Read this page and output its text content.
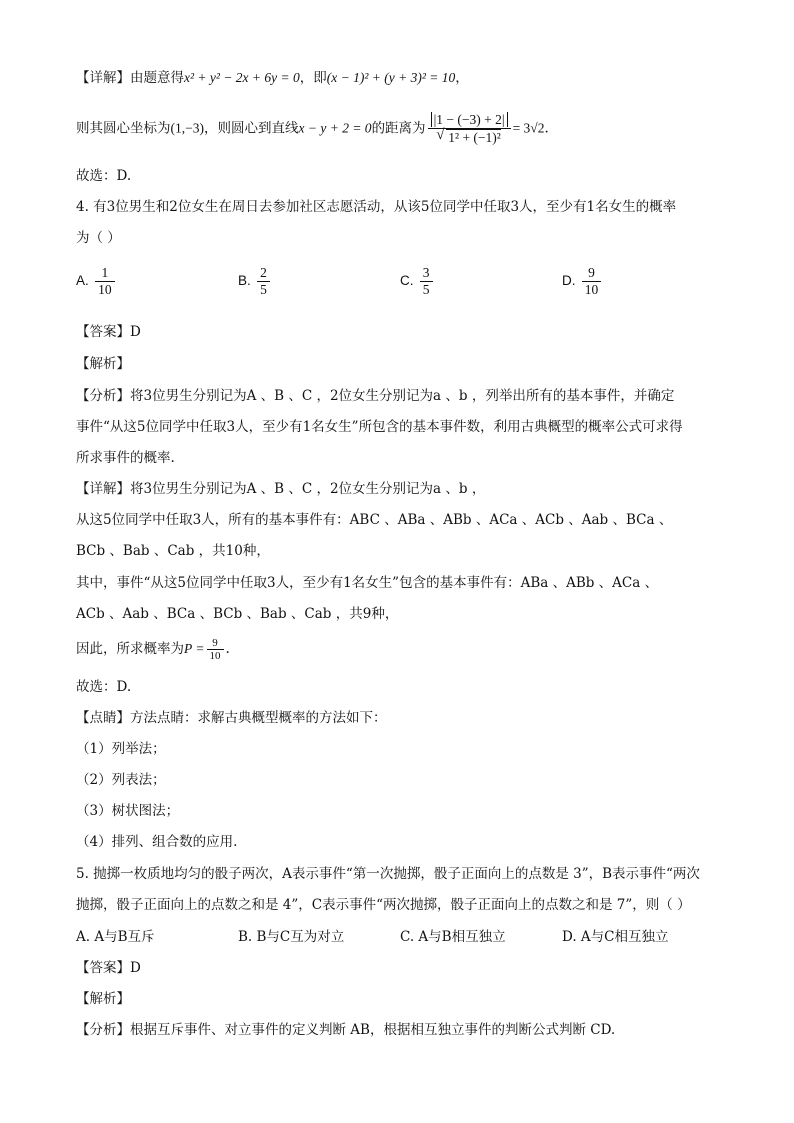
【详解】由题意得x² + y² − 2x + 6y = 0，即(x − 1)² + (y + 3)² = 10，
则其圆心坐标为(1,−3)，则圆心到直线x − y + 2 = 0的距离为 |1 − (−3) + 2|
√ 1² + (−1)² = 3√2.
故选：D.
4. 有3位男生和2位女生在周日去参加社区志愿活动，从该5位同学中任取3人，至少有1名女生的概率
为（ ）
A. $\frac{1}{10}$	B. $\frac{2}{5}$	C. $\frac{3}{5}$	D. $\frac{9}{10}$
【答案】D
【解析】
【分析】将3位男生分别记为A 、B 、C ，2位女生分别记为a 、b ，列举出所有的基本事件，并确定
事件“从这5位同学中任取3人，至少有1名女生”所包含的基本事件数，利用古典概型的概率公式可求得
所求事件的概率.
【详解】将3位男生分别记为A 、B 、C ，2位女生分别记为a 、b ，
从这5位同学中任取3人，所有的基本事件有：ABC 、ABa 、ABb 、ACa 、ACb 、Aab 、BCa 、
BCb 、Bab 、Cab ，共10种，
其中，事件“从这5位同学中任取3人，至少有1名女生”包含的基本事件有：ABa 、ABb 、ACa 、
ACb 、Aab 、BCa 、BCb 、Bab 、Cab ，共9种，
因此，所求概率为$P = \frac{9}{10}$ .
故选：D.
【点睛】方法点睛：求解古典概型概率的方法如下：
（1）列举法；
（2）列表法；
（3）树状图法；
（4）排列、组合数的应用.
5. 抛掷一枚质地均匀的骰子两次，A表示事件“第一次抛掷，骰子正面向上的点数是 3”，B表示事件“两次
抛掷，骰子正面向上的点数之和是 4”，C表示事件“两次抛掷，骰子正面向上的点数之和是 7”，则（ ）
A. A与B互斥	B. B与C互为对立	C. A与B相互独立	D. A与C相互独立
【答案】D
【解析】
【分析】根据互斥事件、对立事件的定义判断 AB，根据相互独立事件的判断公式判断 CD.
